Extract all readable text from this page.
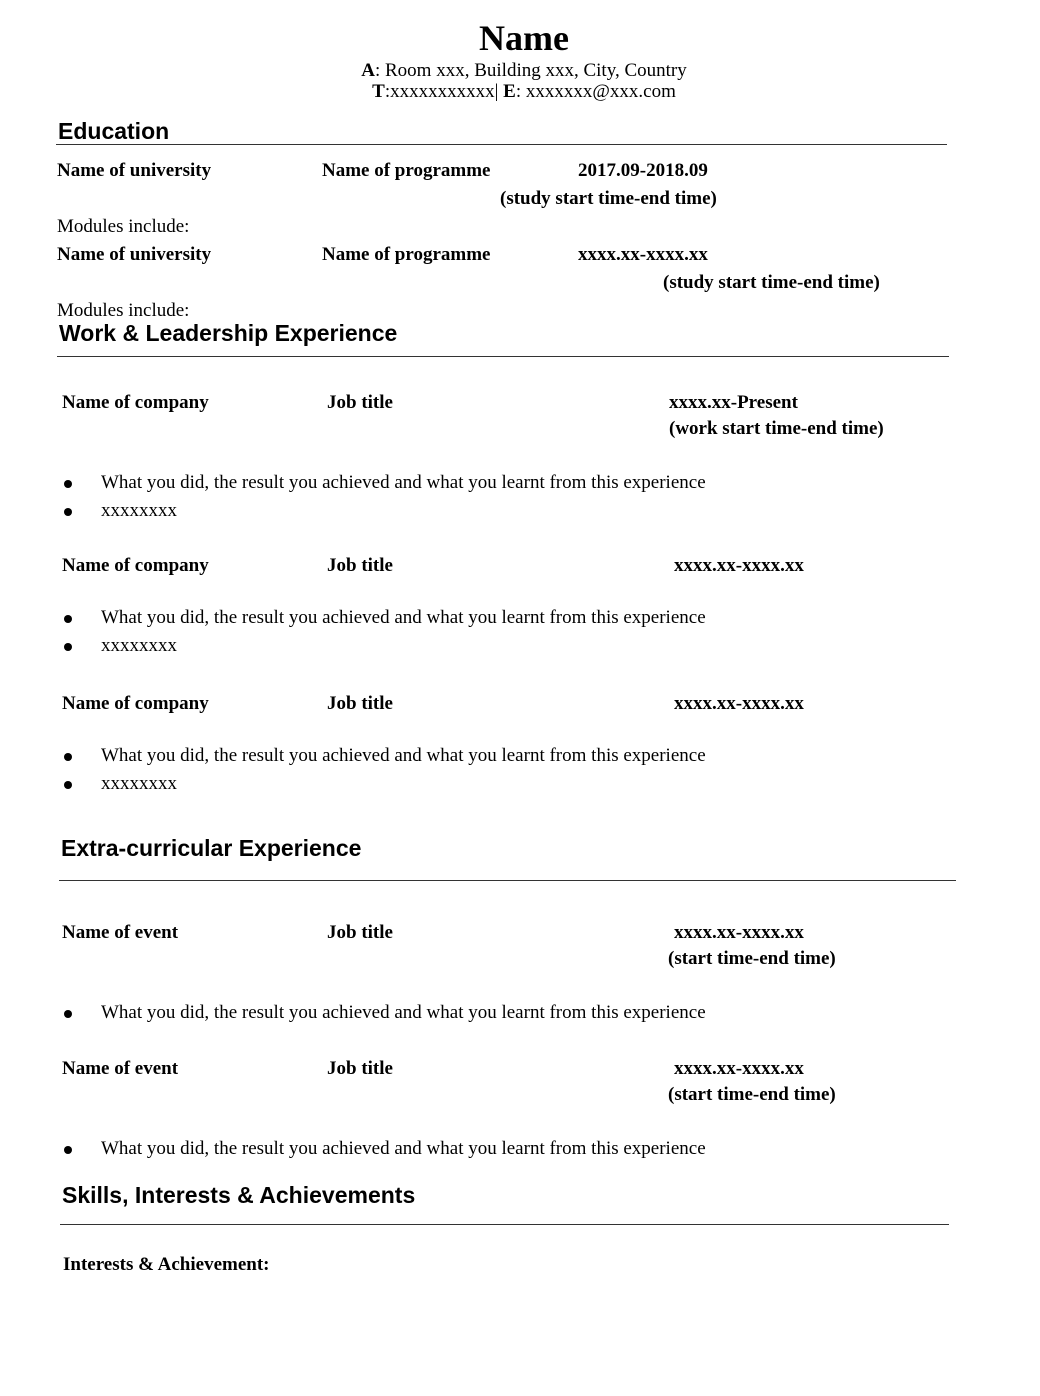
Name
A: Room xxx, Building xxx, City, Country
T:xxxxxxxxxxx| E: xxxxxxx@xxx.com
Education
Name of university	Name of programme	2017.09-2018.09
(study start time-end time)
Modules include:
Name of university	Name of programme	xxxx.xx-xxxx.xx
(study start time-end time)
Modules include:
Work & Leadership Experience
Name of company	Job title	xxxx.xx-Present
(work start time-end time)
What you did, the result you achieved and what you learnt from this experience
xxxxxxxx
Name of company	Job title	xxxx.xx-xxxx.xx
What you did, the result you achieved and what you learnt from this experience
xxxxxxxx
Name of company	Job title	xxxx.xx-xxxx.xx
What you did, the result you achieved and what you learnt from this experience
xxxxxxxx
Extra-curricular Experience
Name of event	Job title	xxxx.xx-xxxx.xx
(start time-end time)
What you did, the result you achieved and what you learnt from this experience
Name of event	Job title	xxxx.xx-xxxx.xx
(start time-end time)
What you did, the result you achieved and what you learnt from this experience
Skills, Interests & Achievements
Interests & Achievement:
